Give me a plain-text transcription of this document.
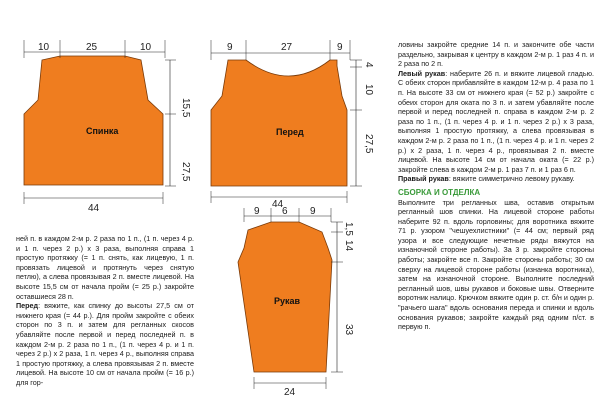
Спинка
10	25	10
15,5
27,5
44
Перед
9	27	9
4
10
27,5
44
Рукав
9 6 9
1,5
14
33
24

ней п. в каждом 2-м р. 2 раза по 1 п., (1 п. через 4 р. и 1 п. через 2 р.) х 3 раза, выполняя справа 1 простую протяжку (= 1 п. снять, как лицевую, 1 п. провязать лицевой и протянуть через снятую петлю), а слева провязывая 2 п. вместе лицевой. На высоте 15,5 см от начала пройм (= 25 р.) закройте оставшиеся 28 п.

Перед: вяжите, как спинку до высоты 27,5 см от нижнего края (= 44 р.). Для пройм закройте с обеих сторон по 3 п. и затем для регланных скосов убавляйте после первой и перед последней п. в каждом 2-м р. 2 раза по 1 п., (1 п. через 4 р. и 1 п. через 2 р.) х 2 раза, 1 п. через 4 р., выполняя справа 1 простую протяжку, а слева провязывая 2 п. вместе лицевой. На высоте 10 см от начала пройм (= 16 р.) для гор-

ловины закройте средние 14 п. и закончите обе части раздельно, закрывая к центру в каждом 2-м р. 1 раз 4 п. и 2 раза по 2 п.

Левый рукав: наберите 26 п. и вяжите лицевой гладью. С обеих сторон прибавляйте в каждом 12-м р. 4 раза по 1 п. На высоте 33 см от нижнего края (= 52 р.) закройте с обеих сторон для оката по 3 п. и затем убавляйте после первой и перед последней п. справа в каждом 2-м р. 2 раза по 1 п., (1 п. через 4 р. и 1 п. через 2 р.) х 3 раза, выполняя 1 простую протяжку, а слева провязывая в каждом 2-м р. 2 раза по 1 п., (1 п. через 4 р. и 1 п. через 2 р.) х 2 раза, 1 п. через 4 р., провязывая 2 п. вместе лицевой. На высоте 14 см от начала оката (= 22 р.) закройте слева в каждом 2-м р. 1 раз 7 п. и 1 раз 6 п.

Правый рукав: вяжите симметрично левому рукаву.

СБОРКА И ОТДЕЛКА

Выполните три регланных шва, оставив открытым регланный шов спинки. На лицевой стороне работы наберите 92 п. вдоль горловины; для воротника вяжите 71 р. узором "чешуехлистники" (= 44 см; первый ряд узора и все следующие нечетные ряды вяжутся на изнаночной стороне работы). За 3 р. закройте стороны работы; закройте все п. Закройте стороны работы; 30 см сверху на лицевой стороне работы (изнанка воротника), затем на изнаночной стороне. Выполните последний регланный шов, швы рукавов и боковые швы. Отверните воротник налицо. Крючком вяжите один р. ст. б/н и один р. "рачьего шага" вдоль основания переда и спинки и вдоль основания рукавов; закройте каждый ряд одним п/ст. в первую п.
